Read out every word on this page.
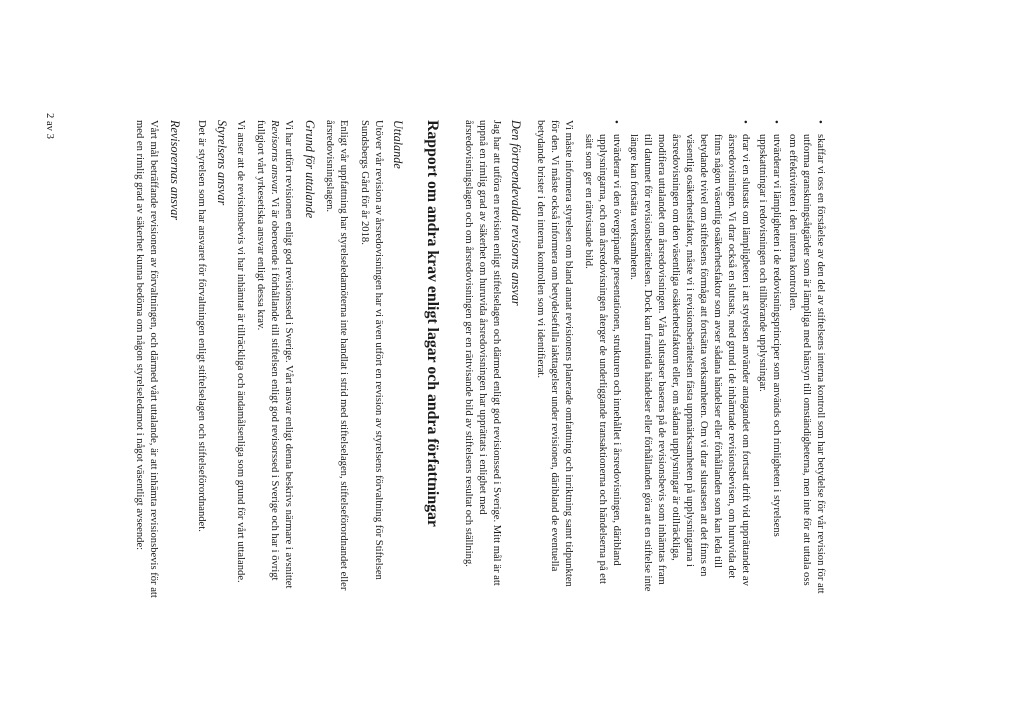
•
skaffar vi oss en förståelse av den del av stiftelsens interna kontroll som har betydelse för vår revision för att
utforma granskningsåtgärder som är lämpliga med hänsyn till omständigheterna, men inte för att uttala oss
om effektiviteten i den interna kontrollen.
•
utvärderar vi lämpligheten i de redovisningsprinciper som används och rimligheten i styrelsens
uppskattningar i redovisningen och tillhörande upplysningar.
•
drar vi en slutsats om lämpligheten i att styrelsen använder antagandet om fortsatt drift vid upprättandet av
årsredovisningen. Vi drar också en slutsats, med grund i de inhämtade revisionsbevisen, om huruvida det
finns någon väsentlig osäkerhetsfaktor som avser sådana händelser eller förhållanden som kan leda till
betydande tvivel om stiftelsens förmåga att fortsätta verksamheten. Om vi drar slutsatsen att det finns en
väsentlig osäkerhetsfaktor, måste vi i revisionsberättelsen fästa uppmärksamheten på upplysningarna i
årsredovisningen om den väsentliga osäkerhetsfaktorn eller, om sådana upplysningar är otillräckliga,
modifiera uttalandet om årsredovisningen. Våra slutsatser baseras på de revisionsbevis som inhämtas fram
till datumet för revisionsberättelsen. Dock kan framtida händelser eller förhållanden göra att en stiftelse inte
längre kan fortsätta verksamheten.
•
utvärderar vi den övergripande presentationen, strukturen och innehållet i årsredovisningen, däribland
upplysningarna, och om årsredovisningen återger de underliggande transaktionerna och händelserna på ett
sätt som ger en rättvisande bild.
Vi måste informera styrelsen om bland annat revisionens planerade omfattning och inriktning samt tidpunkten
för den. Vi måste också informera om betydelsefulla iakttagelser under revisionen, däribland de eventuella
betydande brister i den interna kontrollen som vi identifierat.
Den förtroendevalda revisorns ansvar
Jag har att utföra en revision enligt stiftelselagen och därmed enligt god revisionssed i Sverige. Mitt mål är att
uppnå en rimlig grad av säkerhet om huruvida årsredovisningen har upprättats i enlighet med
årsredovisningslagen och om årsredovisningen ger en rättvisande bild av stiftelsens resultat och ställning.
Rapport om andra krav enligt lagar och andra författningar
Uttalande
Utöver vår revision av årsredovisningen har vi även utfört en revision av styrelsens förvaltning för Stiftelsen
Sundsbergs Gård för år 2018.
Enligt vår uppfattning har styrelseledamöterna inte handlat i strid med stiftelselagen, stiftelseförordnandet eller
årsredovisningslagen.
Grund för uttalande
Vi har utfört revisionen enligt god revisionssed i Sverige. Vårt ansvar enligt denna beskrivs närmare i avsnittet
Revisorns ansvar. Vi är oberoende i förhållande till stiftelsen enligt god revisorssed i Sverige och har i övrigt
fullgjort vårt yrkesetiska ansvar enligt dessa krav.
Vi anser att de revisionsbevis vi har inhämtat är tillräckliga och ändamålsenliga som grund för vårt uttalande.
Styrelsens ansvar
Det är styrelsen som har ansvaret för förvaltningen enligt stiftelselagen och stiftelseförordnandet.
Revisorernas ansvar
Vårt mål beträffande revisionen av förvaltningen, och därmed vårt uttalande, är att inhämta revisionsbevis för att
med en rimlig grad av säkerhet kunna bedöma om någon styrelseledamot i något väsentligt avseende:
2 av 3
